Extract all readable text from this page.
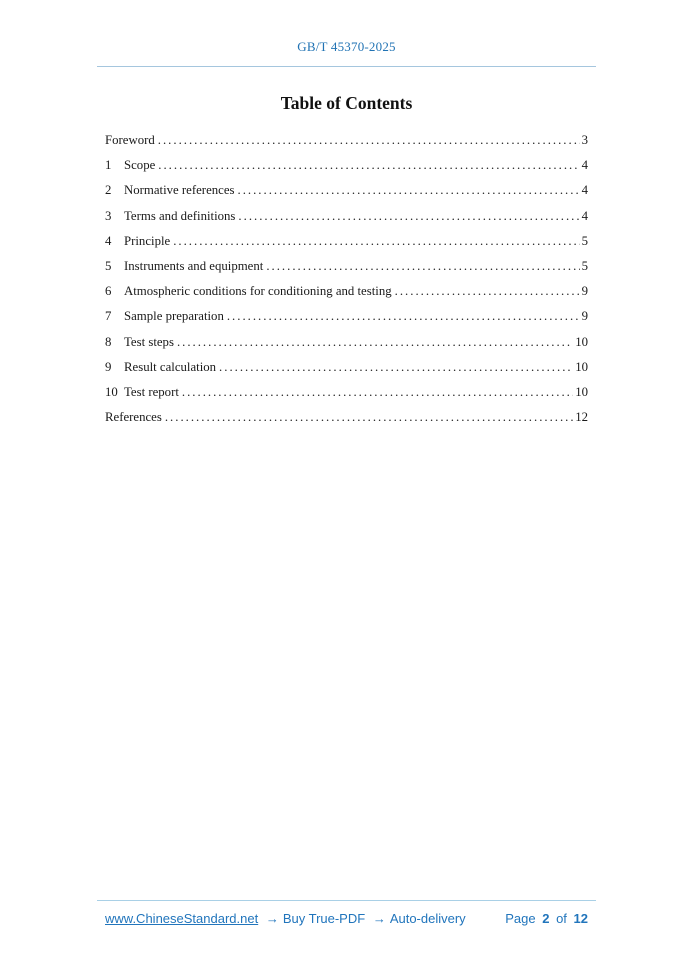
GB/T 45370-2025
Table of Contents
Foreword .....	3
1 Scope .....	4
2 Normative references .....	4
3 Terms and definitions .....	4
4 Principle .....	5
5 Instruments and equipment .....	5
6 Atmospheric conditions for conditioning and testing .....	9
7 Sample preparation .....	9
8 Test steps .....	10
9 Result calculation .....	10
10 Test report .....	10
References .....	12
www.ChineseStandard.net → Buy True-PDF → Auto-delivery	Page 2 of 12
